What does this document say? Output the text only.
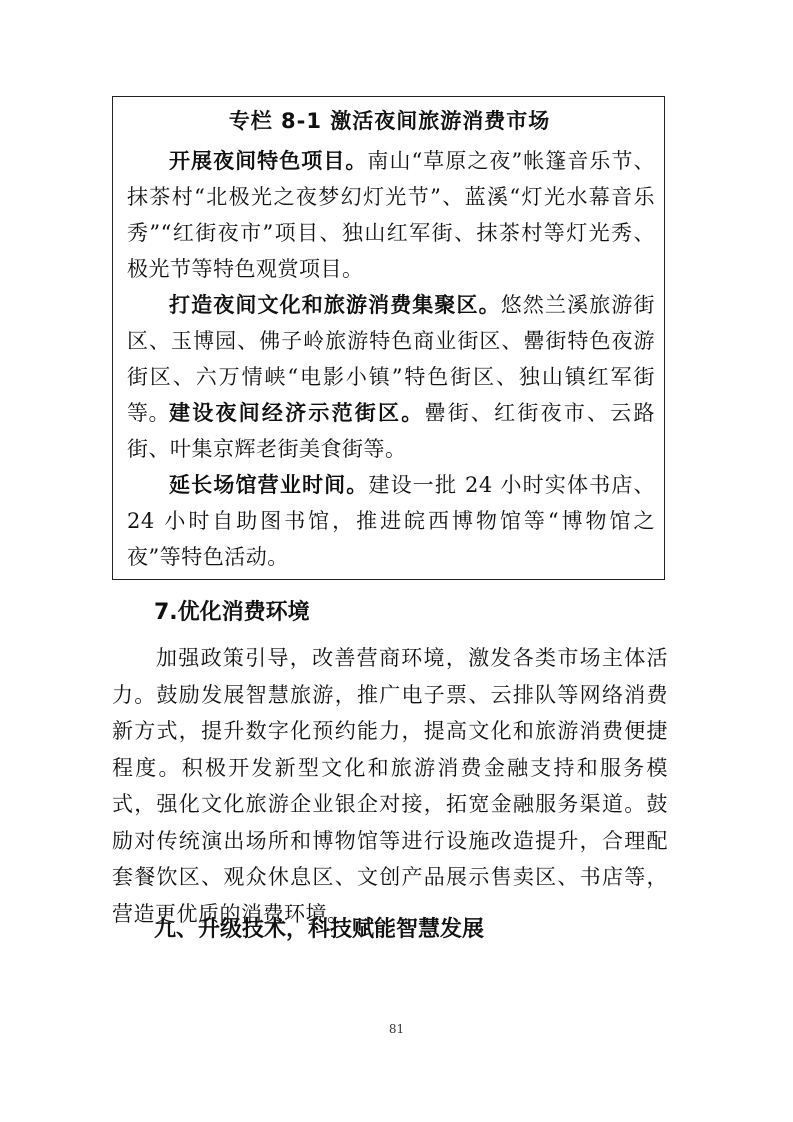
专栏 8-1 激活夜间旅游消费市场
开展夜间特色项目。南山“草原之夜”帐篷音乐节、抹茶村“北极光之夜梦幻灯光节”、蓝溪“灯光水幕音乐秀”“红街夜市”项目、独山红军街、抹茶村等灯光秀、极光节等特色观赏项目。
打造夜间文化和旅游消费集聚区。悠然兰溪旅游街区、玉博园、佛子岭旅游特色商业街区、罍街特色夜游街区、六万情峡“电影小镇”特色街区、独山镇红军街等。 建设夜间经济示范街区。罍街、红街夜市、云路街、叶集京辉老街美食街等。
延长场馆营业时间。建设一批 24 小时实体书店、24 小时自助图书馆，推进皖西博物馆等“博物馆之夜”等特色活动。
7.优化消费环境
加强政策引导，改善营商环境，激发各类市场主体活力。鼓励发展智慧旅游，推广电子票、云排队等网络消费新方式，提升数字化预约能力，提高文化和旅游消费便捷程度。积极开发新型文化和旅游消费金融支持和服务模式，强化文化旅游企业银企对接，拓宽金融服务渠道。鼓励对传统演出场所和博物馆等进行设施改造提升，合理配套餐饮区、观众休息区、文创产品展示售卖区、书店等，营造更优质的消费环境。
九、升级技术，科技赋能智慧发展
81
